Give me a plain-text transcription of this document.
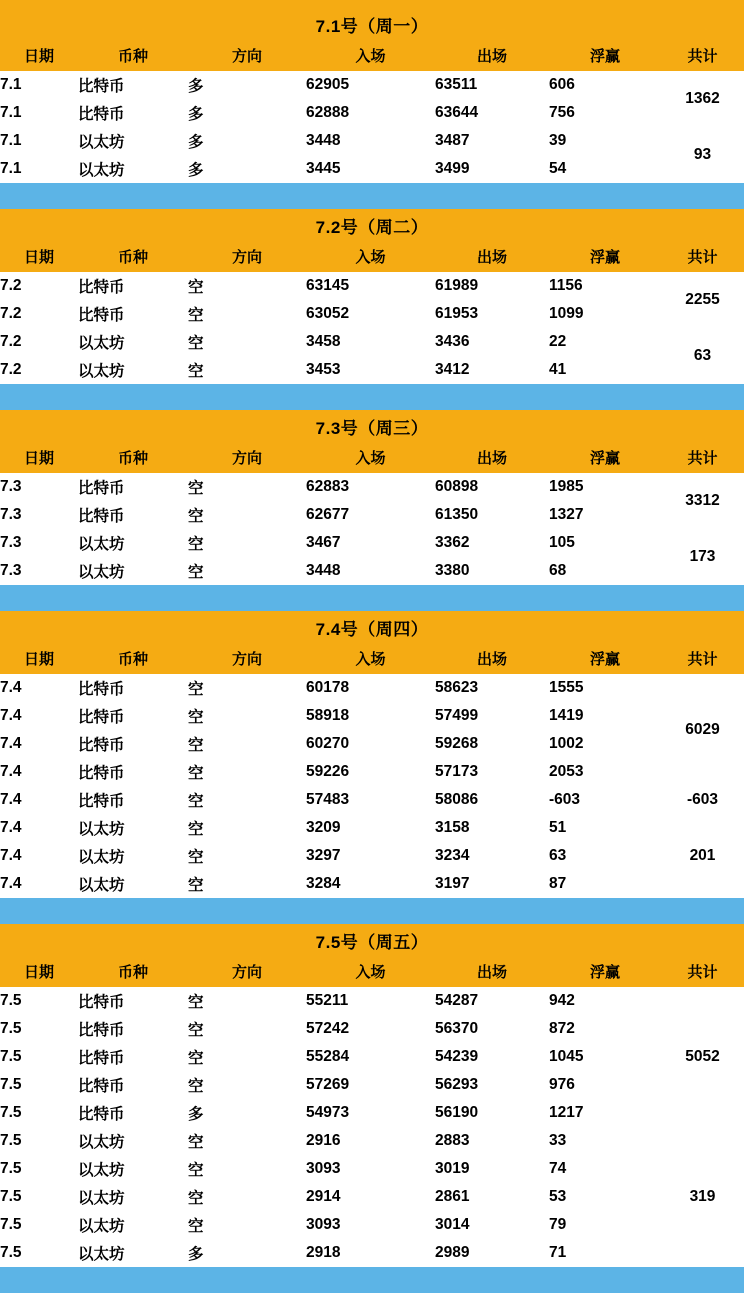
7.1号（周一）
日期	币种	方向	入场	出场	浮赢	共计
7.1	比特币	多	62905	63511	606	1362
7.1	比特币	多	62888	63644	756	
7.1	以太坊	多	3448	3487	39	93
7.1	以太坊	多	3445	3499	54	
7.2号（周二）
日期	币种	方向	入场	出场	浮赢	共计
7.2	比特币	空	63145	61989	1156	2255
7.2	比特币	空	63052	61953	1099	
7.2	以太坊	空	3458	3436	22	63
7.2	以太坊	空	3453	3412	41	
7.3号（周三）
日期	币种	方向	入场	出场	浮赢	共计
7.3	比特币	空	62883	60898	1985	3312
7.3	比特币	空	62677	61350	1327	
7.3	以太坊	空	3467	3362	105	173
7.3	以太坊	空	3448	3380	68	
7.4号（周四）
日期	币种	方向	入场	出场	浮赢	共计
7.4	比特币	空	60178	58623	1555	6029
7.4	比特币	空	58918	57499	1419	
7.4	比特币	空	60270	59268	1002	
7.4	比特币	空	59226	57173	2053	
7.4	比特币	空	57483	58086	-603	-603
7.4	以太坊	空	3209	3158	51	201
7.4	以太坊	空	3297	3234	63	
7.4	以太坊	空	3284	3197	87	
7.5号（周五）
日期	币种	方向	入场	出场	浮赢	共计
7.5	比特币	空	55211	54287	942	5052
7.5	比特币	空	57242	56370	872	
7.5	比特币	空	55284	54239	1045	
7.5	比特币	空	57269	56293	976	
7.5	比特币	多	54973	56190	1217	
7.5	以太坊	空	2916	2883	33	319
7.5	以太坊	空	3093	3019	74	
7.5	以太坊	空	2914	2861	53	
7.5	以太坊	空	3093	3014	79	
7.5	以太坊	多	2918	2989	71	
